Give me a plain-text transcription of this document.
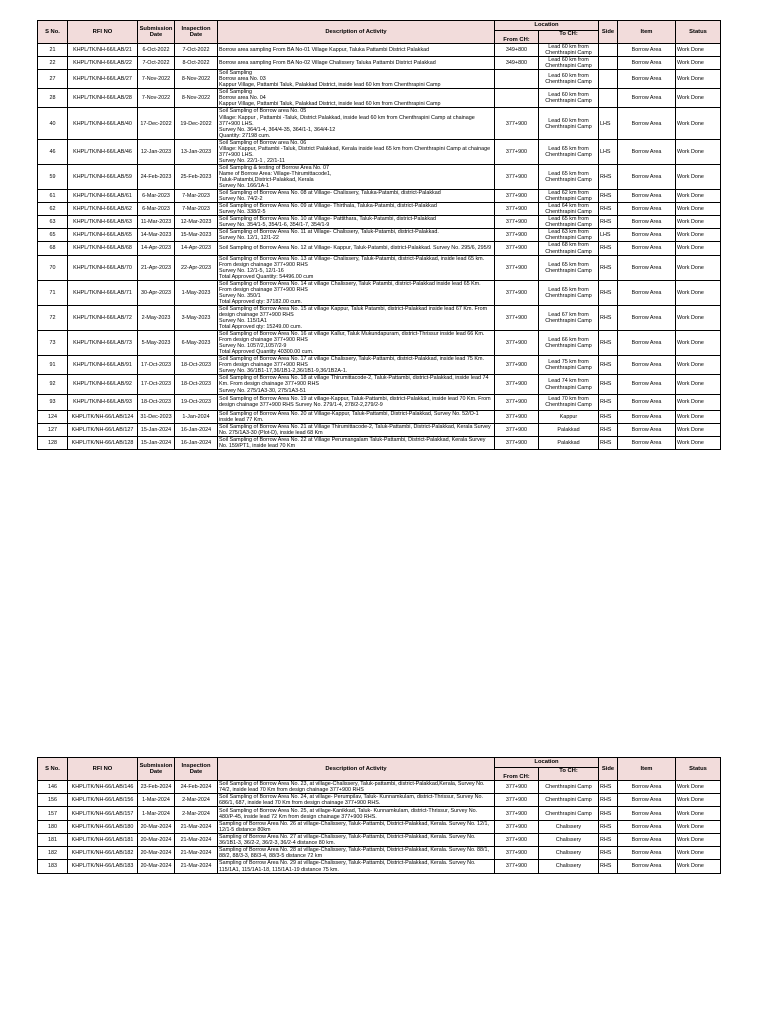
S No.	RFI NO	Submission Date	Inspection Date	Description of Activity	Location		Side	Item	Status
					From CH:	To CH:			
21	KHPL/TK/NH-66/LAB/21	6-Oct-2022	7-Oct-2022	Borrow area sampling From BA No-01 Village Kappur, Taluka Pattambi District Palakkad	349+800	Lead 60 km from Chenthrapini Camp		Borrow Area	Work Done
22	KHPL/TK/NH-66/LAB/22	7-Oct-2022	8-Oct-2022	Borrow area sampling From BA No-02 Village Chalissery Taluka Pattambi District Palakkad	349+800	Lead 60 km from Chenthrapini Camp		Borrow Area	Work Done
27	KHPL/TK/NH-66/LAB/27	7-Nov-2022	8-Nov-2022	Soil Sampling
Borrow area No. 03
Kappur Village, Pattambi Taluk, Palakkad District, inside lead 60 km from Chenthrapini Camp		Lead 60 km from Chenthrapini Camp		Borrow Area	Work Done
28	KHPL/TK/NH-66/LAB/28	7-Nov-2022	8-Nov-2022	Soil Sampling
Borrow area No. 04
Kappur Village, Pattambi Taluk, Palakkad District, inside lead 60 km from Chenthrapini Camp		Lead 60 km from Chenthrapini Camp		Borrow Area	Work Done
40	KHPL/TK/NH-66/LAB/40	17-Dec-2022	19-Dec-2022	Soil Sampling of Borrow area No. 05
Village: Kappur , Pattambi -Taluk, District Palakkad, inside lead 60 km from Chenthrapini Camp at chainage 377+900 LHS.
Survey No. 364/1-4, 364/4-35, 364/1-1, 364/4-12
Quantity: 27198 cum.	377+900	Lead 60 km from Chenthrapini Camp	LHS	Borrow Area	Work Done
46	KHPL/TK/NH-66/LAB/46	12-Jan-2023	13-Jan-2023	Soil Sampling of Borrow area No. 06
Village: Kappur, Pattambi -Taluk, District Palakkad, Kerala inside lead 65 km from Chenthrapini Camp at chainage 377+900 LHS.
Survey No. 22/1-1 , 22/1-11	377+900	Lead 65 km from Chenthrapini Camp	LHS	Borrow Area	Work Done
59	KHPL/TK/NH-66/LAB/59	24-Feb-2023	25-Feb-2023	Soil Sampling & testing of Borrow Area No. 07
Name of Borrow Area: Village-Thirumittacode1,
Taluk-Patambi,District-Palakkad, Kerala
Survey No. 166/1A-1	377+900	Lead 65 km from Chenthrapini Camp	RHS	Borrow Area	Work Done
61	KHPL/TK/NH-66/LAB/61	6-Mar-2023	7-Mar-2023	Soil Sampling of Borrow Area No. 08 at Village- Chalissery, Taluka-Patambi, district-Palakkad
Survey No. 74/2-2	377+900	Lead 62 km from Chenthrapini Camp	RHS	Borrow Area	Work Done
62	KHPL/TK/NH-66/LAB/62	6-Mar-2023	7-Mar-2023	Soil Sampling of Borrow Area No. 09 at Village- Thirthala, Taluka-Patambi, district-Palakkad
Survey No. 338/2-5	377+900	Lead 64 km from Chenthrapini Camp	RHS	Borrow Area	Work Done
63	KHPL/TK/NH-66/LAB/63	11-Mar-2023	12-Mar-2023	Soil Sampling of Borrow Area No. 10 at Village- Pattithara, Taluk-Patambi, district-Palakkad
Survey No. 354/1-5, 354/1-6, 354/1-7, 354/1-9	377+900	Lead 65 km from Chenthrapini Camp	RHS	Borrow Area	Work Done
65	KHPL/TK/NH-66/LAB/65	14-Mar-2023	15-Mar-2023	Soil Sampling of Borrow Area No. 11 at Village- Chalissery, Taluk-Patambi, district-Palakkad.
Survey No. 12/1, 12/1-22	377+900	Lead 63 km from Chenthrapini Camp	LHS	Borrow Area	Work Done
68	KHPL/TK/NH-66/LAB/68	14-Apr-2023	14-Apr-2023	Soil Sampling of Borrow Area No. 12 at Village- Kappur, Taluk-Patambi, district-Palakkad. Survey No. 295/6, 295/9	377+900	Lead 68 km from Chenthrapini Camp	RHS	Borrow Area	Work Done
70	KHPL/TK/NH-66/LAB/70	21-Apr-2023	22-Apr-2023	Soil Sampling of Borrow Area No. 13 at Village- Chalissery, Taluk-Patambi, district-Palakkad, inside lead 65 km. From design chainage 377+900 RHS
Survey No. 12/1-5, 12/1-16
Total Approved Quantity: 54496.00 cum	377+900	Lead 65 km from Chenthrapini Camp	RHS	Borrow Area	Work Done
71	KHPL/TK/NH-66/LAB/71	30-Apr-2023	1-May-2023	Soil Sampling of Borrow Area No. 14 at village Chalissery, Taluk Patambi, district-Palakkad inside lead 65 Km. From design chainage 377+900 RHS
Survey No. 350/1
Total Approved qty: 37182.00 cum.	377+900	Lead 65 km from Chenthrapini Camp	RHS	Borrow Area	Work Done
72	KHPL/TK/NH-66/LAB/72	2-May-2023	3-May-2023	Soil Sampling of Borrow Area No. 15 at village Kappur, Taluk Patambi, district-Palakkad inside lead 67 Km. From design chainage 377+900 RHS
Survey No. 115/1A1
Total Approved qty: 15249.00 cum.	377+900	Lead 67 km from Chenthrapini Camp	RHS	Borrow Area	Work Done
73	KHPL/TK/NH-66/LAB/73	5-May-2023	6-May-2023	Soil Sampling of Borrow Area No. 16 at village Kallur, Taluk Mukundapuram, district-Thrissur inside lead 66 Km. From design chainage 377+900 RHS
Survey No. 1057/2,1057/2-9
Total Approved Quantity 40300.00 cum.	377+900	Lead 66 km from Chenthrapini Camp	RHS	Borrow Area	Work Done
91	KHPL/TK/NH-66/LAB/91	17-Oct-2023	18-Oct-2023	Soil Sampling of Borrow Area No. 17 at village Chalissery, Taluk-Pattambi, district-Palakkad, inside lead 75 Km. From design chainage 377+900 RHS
Survey No. 36/1B1-17,36/1B1-2,36/1B1-9,36/1B2A-1.	377+900	Lead 75 km from Chenthrapini Camp	RHS	Borrow Area	Work Done
92	KHPL/TK/NH-66/LAB/92	17-Oct-2023	18-Oct-2023	Soil Sampling of Borrow Area No. 18 at village Thirumittacode-2, Taluk-Pattambi, district-Palakkad, inside lead 74 Km. From design chainage 377+900 RHS
Survey No. 275/1A3-30, 275/1A3-51	377+900	Lead 74 km from Chenthrapini Camp	RHS	Borrow Area	Work Done
93	KHPL/TK/NH-66/LAB/93	18-Oct-2023	19-Oct-2023	Soil Sampling of Borrow Area No. 19 at village-Kappur, Taluk-Pattambi, district-Palakkad, inside lead 70 Km. From design chainage 377+900 RHS Survey No. 279/1-4, 278/2-2,279/2-9	377+900	Lead 70 km from Chenthrapini Camp	RHS	Borrow Area	Work Done
124	KHPL/TK/NH-66/LAB/124	31-Dec-2023	1-Jan-2024	Soil Sampling of Borrow Area No. 20 at Village-Kappur, Taluk-Pattambi, District-Palakkad, Survey No. 52/O-1 inside lead 77 Km.	377+900	Kappur	RHS	Borrow Area	Work Done
127	KHPL/TK/NH-66/LAB/127	15-Jan-2024	16-Jan-2024	Soil Sampling of Borrow Area No. 21 at Village Thirumittacode-2, Taluk-Pattambi, District-Palakkad, Kerala Survey No. 275/1A3-30 (Plot-D), inside lead 68 Km	377+900	Palakkad	RHS	Borrow Area	Work Done
128	KHPL/TK/NH-66/LAB/128	15-Jan-2024	16-Jan-2024	Soil Sampling of Borrow Area No. 22 at Village Perumangalam Taluk-Pattambi, District-Palakkad, Kerala Survey No. 159/PT1, inside lead 70 Km	377+900	Palakkad	RHS	Borrow Area	Work Done
S No.	RFI NO	Submission Date	Inspection Date	Description of Activity	Location		Side	Item	Status
					From CH:	To CH:			
146	KHPL/TK/NH-66/LAB/146	23-Feb-2024	24-Feb-2024	Soil Sampling of Borrow Area No. 23, at village-Chalissery, Taluk-pattambi, district-Palakkad,Kerala, Survey No. 74/2, inside lead 70 Km from design chainage 377+900 RHS	377+900	Chenthrapini Camp	RHS	Borrow Area	Work Done
156	KHPL/TK/NH-66/LAB/156	1-Mar-2024	2-Mar-2024	Soil Sampling of Borrow Area No. 24, at village- Perumpilav, Taluk- Kunnamkulam, district-Thrissur, Survey No. 686/1, 687, inside lead 70 Km from design chainage 377+900 RHS.	377+900	Chenthrapini Camp	RHS	Borrow Area	Work Done
157	KHPL/TK/NH-66/LAB/157	1-Mar-2024	2-Mar-2024	Soil Sampling of Borrow Area No. 25, at village-Kanikkad, Taluk- Kunnamkulam, district-Thrissur, Survey No. 480/P-45, inside lead 72 Km from design chainage 377+900 RHS.	377+900	Chenthrapini Camp	RHS	Borrow Area	Work Done
180	KHPL/TK/NH-66/LAB/180	20-Mar-2024	21-Mar-2024	Sampling of Borrow Area No. 26 at village-Chalissery, Taluk-Pattambi, District-Palakkad, Kerala. Survey No. 12/1, 12/1-5 distance 80km	377+900	Chalissery	RHS	Borrow Area	Work Done
181	KHPL/TK/NH-66/LAB/181	20-Mar-2024	21-Mar-2024	Sampling of Borrow Area No. 27 at village-Chalissery, Taluk-Pattambi, District-Palakkad, Kerala. Survey No. 36/1B1-3, 36/2-2, 36/2-3, 36/2-4 distance 80 km.	377+900	Chalissery	RHS	Borrow Area	Work Done
182	KHPL/TK/NH-66/LAB/182	20-Mar-2024	21-Mar-2024	Sampling of Borrow Area No. 28 at village-Chalissery, Taluk-Pattambi, District-Palakkad, Kerala. Survey No. 88/1, 88/2, 88/3-3, 88/3-4, 88/3-5 distance 72 km	377+900	Chalissery	RHS	Borrow Area	Work Done
183	KHPL/TK/NH-66/LAB/183	20-Mar-2024	21-Mar-2024	Sampling of Borrow Area No. 29 at village-Chalissery, Taluk-Pattambi, District-Palakkad, Kerala. Survey No. 115/1A1, 115/1A1-18, 115/1A1-19 distance 75 km.	377+900	Chalissery	RHS	Borrow Area	Work Done
